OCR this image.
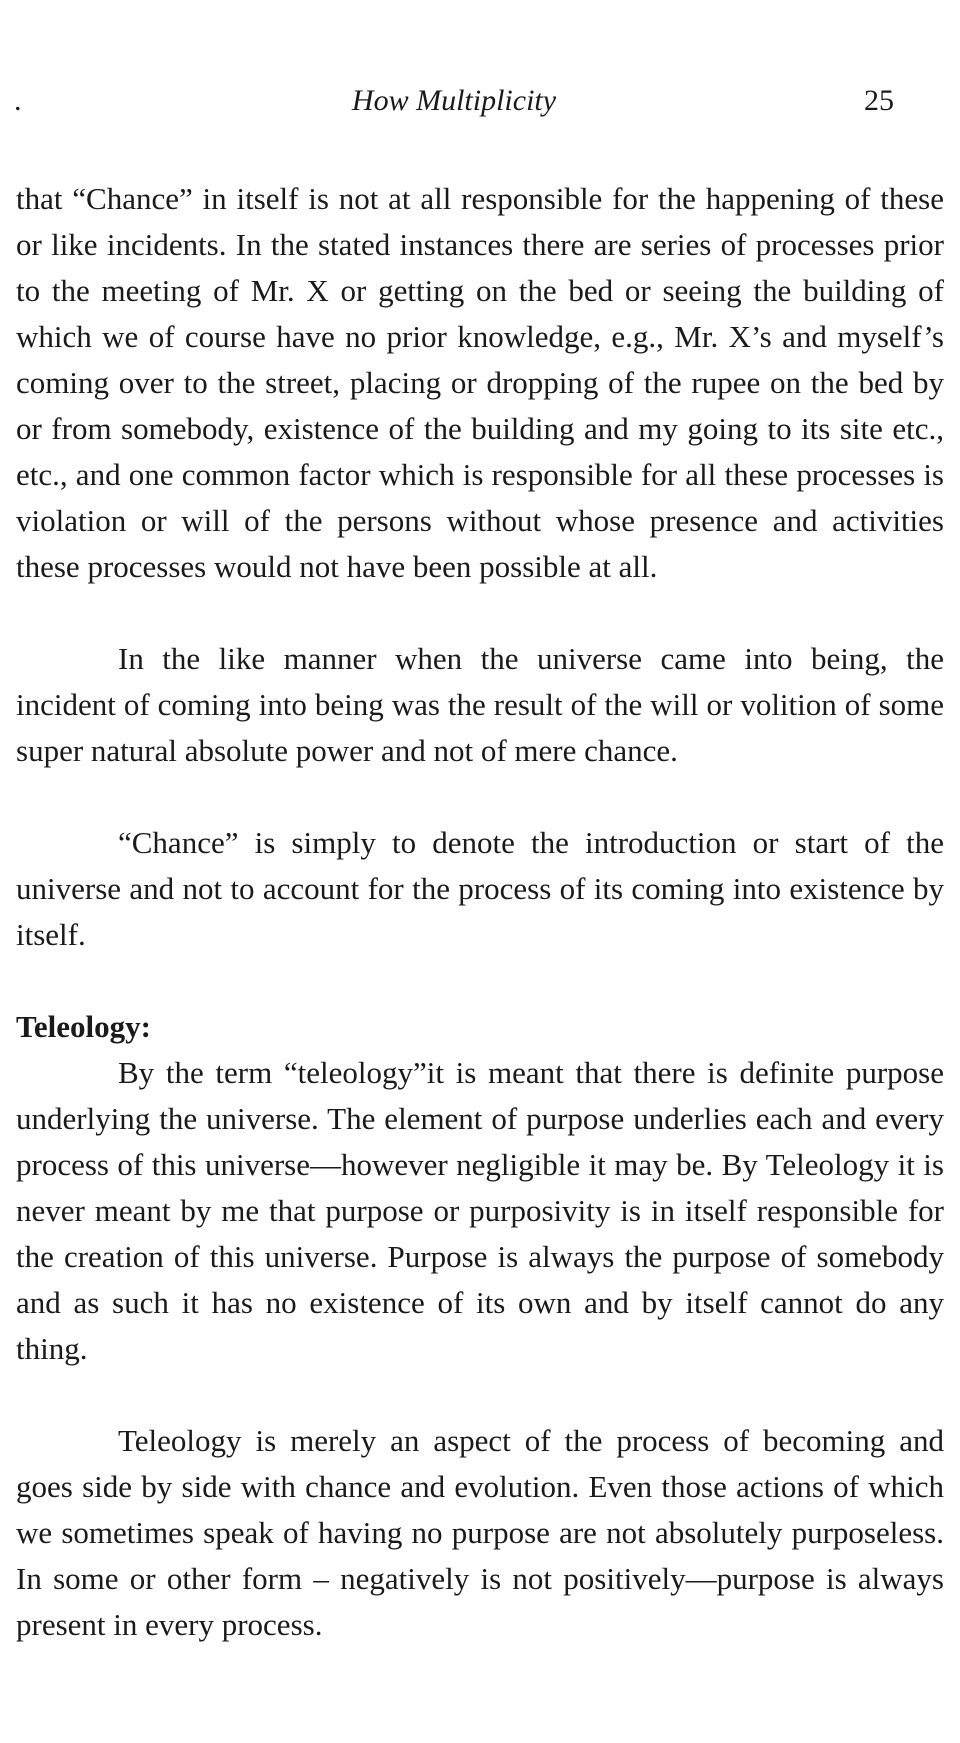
.	How Multiplicity	25

that “Chance” in itself is not at all responsible for the happening of these or like incidents. In the stated instances there are series of processes prior to the meeting of Mr. X or getting on the bed or seeing the building of which we of course have no prior knowledge, e.g., Mr. X’s and myself’s coming over to the street, placing or dropping of the rupee on the bed by or from somebody, existence of the building and my going to its site etc., etc., and one common factor which is responsible for all these processes is violation or will of the persons without whose presence and activities these processes would not have been possible at all.

In the like manner when the universe came into being, the incident of coming into being was the result of the will or volition of some super natural absolute power and not of mere chance.

“Chance” is simply to denote the introduction or start of the universe and not to account for the process of its coming into existence by itself.

Teleology:

By the term “teleology”it is meant that there is definite purpose underlying the universe. The element of purpose underlies each and every process of this universe—however negligible it may be. By Teleology it is never meant by me that purpose or purposivity is in itself responsible for the creation of this universe. Purpose is always the purpose of somebody and as such it has no existence of its own and by itself cannot do any thing.

Teleology is merely an aspect of the process of becoming and goes side by side with chance and evolution. Even those actions of which we sometimes speak of having no purpose are not absolutely purposeless. In some or other form – negatively is not positively—purpose is always present in every process.
